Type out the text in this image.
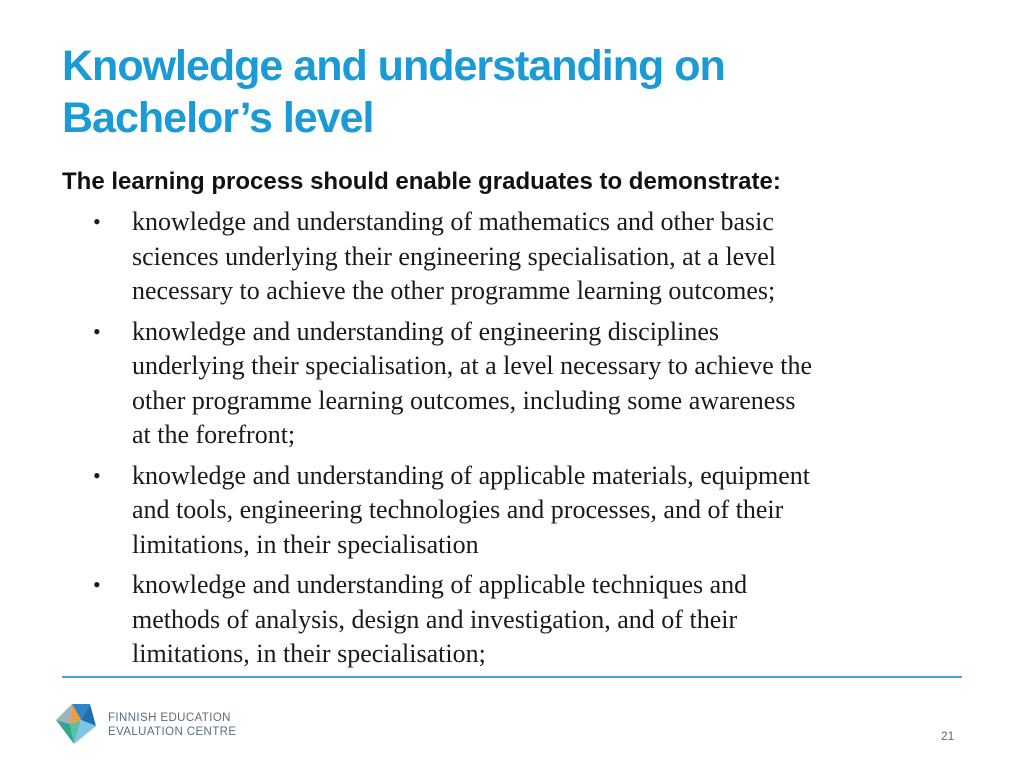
Knowledge and understanding on
Bachelor’s level
The learning process should enable graduates to demonstrate:
• knowledge and understanding of mathematics and other basic
sciences underlying their engineering specialisation, at a level
necessary to achieve the other programme learning outcomes;
• knowledge and understanding of engineering disciplines
underlying their specialisation, at a level necessary to achieve the
other programme learning outcomes, including some awareness
at the forefront;
• knowledge and understanding of applicable materials, equipment
and tools, engineering technologies and processes, and of their
limitations, in their specialisation
• knowledge and understanding of applicable techniques and
methods of analysis, design and investigation, and of their
limitations, in their specialisation;
FINNISH EDUCATION
EVALUATION CENTRE	21
